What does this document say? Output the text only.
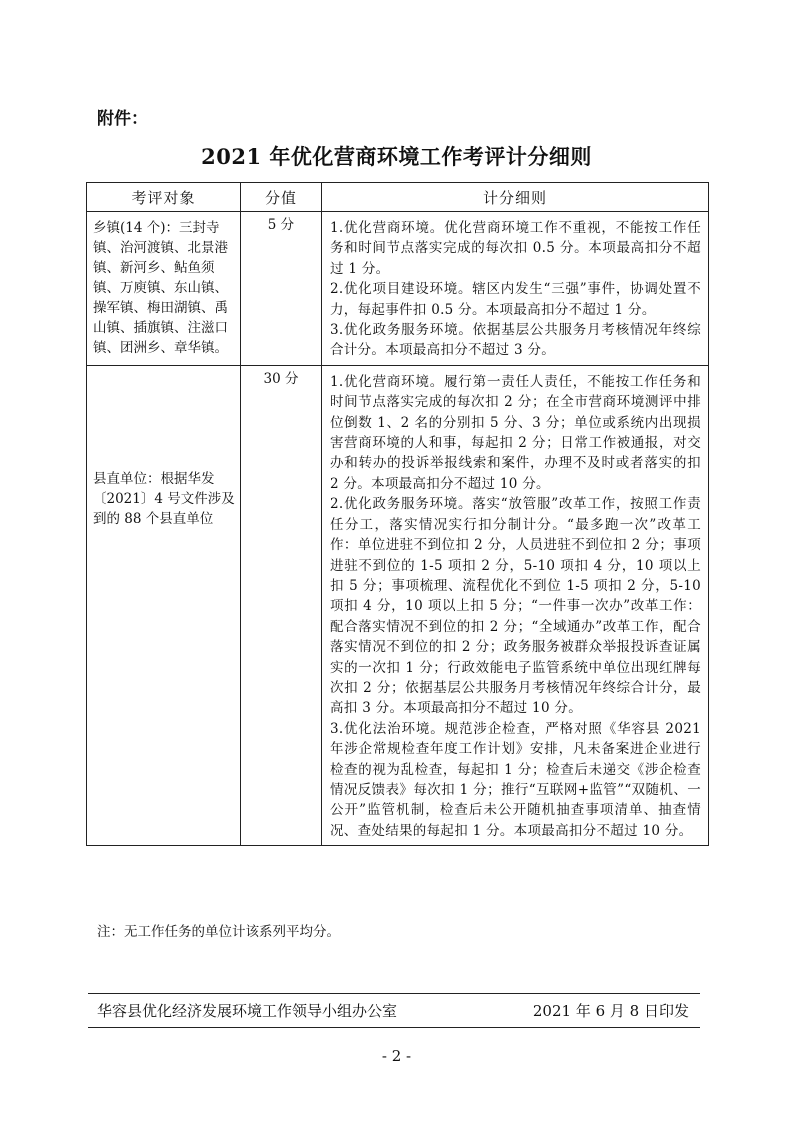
附件：
2021 年优化营商环境工作考评计分细则
考评对象	分值	计分细则
乡镇(14 个)：三封寺镇、治河渡镇、北景港镇、新河乡、鲇鱼须镇、万庾镇、东山镇、操军镇、梅田湖镇、禹山镇、插旗镇、注滋口镇、团洲乡、章华镇。	5 分	1.优化营商环境。优化营商环境工作不重视，不能按工作任务和时间节点落实完成的每次扣 0.5 分。本项最高扣分不超过 1 分。

2.优化项目建设环境。辖区内发生“三强”事件，协调处置不力，每起事件扣 0.5 分。本项最高扣分不超过 1 分。

3.优化政务服务环境。依据基层公共服务月考核情况年终综合计分。本项最高扣分不超过 3 分。

县直单位：根据华发〔2021〕4 号文件涉及到的 88 个县直单位	30 分	1.优化营商环境。履行第一责任人责任，不能按工作任务和时间节点落实完成的每次扣 2 分；在全市营商环境测评中排位倒数 1、2 名的分别扣 5 分、3 分；单位或系统内出现损害营商环境的人和事，每起扣 2 分；日常工作被通报，对交办和转办的投诉举报线索和案件，办理不及时或者落实的扣 2 分。本项最高扣分不超过 10 分。

2.优化政务服务环境。落实“放管服”改革工作，按照工作责任分工，落实情况实行扣分制计分。“最多跑一次”改革工作：单位进驻不到位扣 2 分，人员进驻不到位扣 2 分；事项进驻不到位的 1-5 项扣 2 分，5-10 项扣 4 分，10 项以上扣 5 分；事项梳理、流程优化不到位 1-5 项扣 2 分，5-10 项扣 4 分，10 项以上扣 5 分；“一件事一次办”改革工作：配合落实情况不到位的扣 2 分；“全域通办”改革工作，配合落实情况不到位的扣 2 分；政务服务被群众举报投诉查证属实的一次扣 1 分；行政效能电子监管系统中单位出现红牌每次扣 2 分；依据基层公共服务月考核情况年终综合计分，最高扣 3 分。本项最高扣分不超过 10 分。

3.优化法治环境。规范涉企检查，严格对照《华容县 2021 年涉企常规检查年度工作计划》安排，凡未备案进企业进行检查的视为乱检查，每起扣 1 分；检查后未递交《涉企检查情况反馈表》每次扣 1 分；推行“互联网+监管”“双随机、一公开”监管机制，检查后未公开随机抽查事项清单、抽查情况、查处结果的每起扣 1 分。本项最高扣分不超过 10 分。

注：无工作任务的单位计该系列平均分。
华容县优化经济发展环境工作领导小组办公室	2021 年 6 月 8 日印发
- 2 -
